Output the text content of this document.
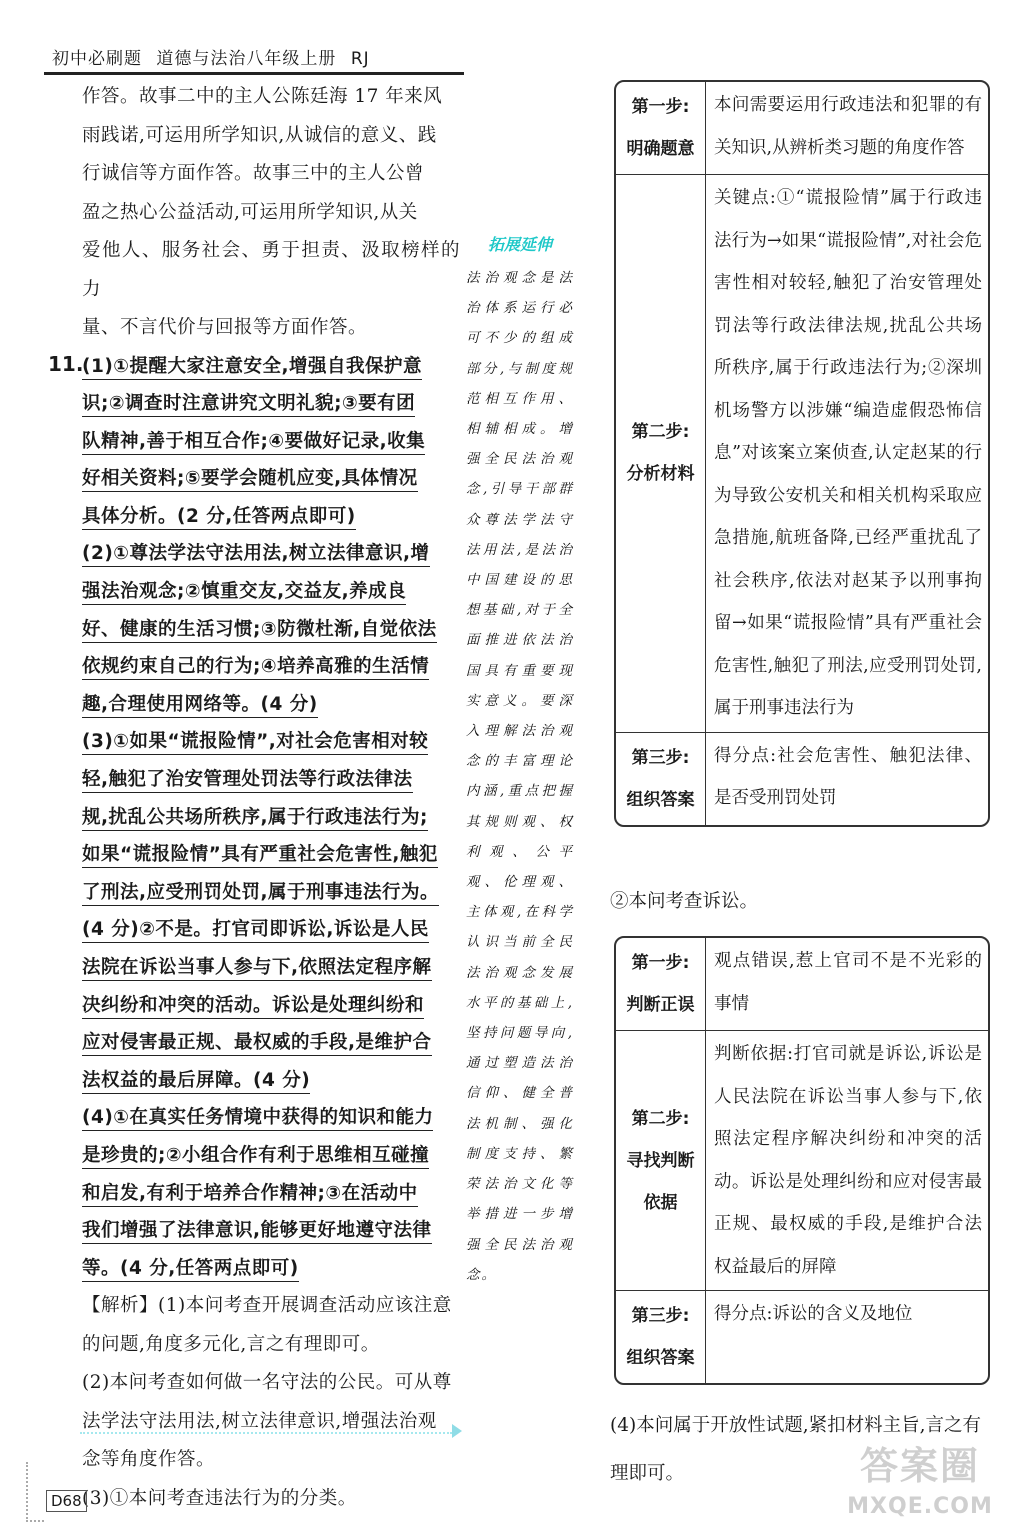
初中必刷题 道德与法治八年级上册 RJ
作答。故事二中的主人公陈廷海 17 年来风
雨践诺,可运用所学知识,从诚信的意义、践
行诚信等方面作答。故事三中的主人公曾
盈之热心公益活动,可运用所学知识,从关
爱他人、服务社会、勇于担责、汲取榜样的力
量、不言代价与回报等方面作答。
11.
(1)①提醒大家注意安全,增强自我保护意
识;②调查时注意讲究文明礼貌;③要有团
队精神,善于相互合作;④要做好记录,收集
好相关资料;⑤要学会随机应变,具体情况
具体分析。(2 分,任答两点即可)
(2)①尊法学法守法用法,树立法律意识,增
强法治观念;②慎重交友,交益友,养成良
好、健康的生活习惯;③防微杜渐,自觉依法
依规约束自己的行为;④培养高雅的生活情
趣,合理使用网络等。(4 分)
(3)①如果“谎报险情”,对社会危害相对较
轻,触犯了治安管理处罚法等行政法律法
规,扰乱公共场所秩序,属于行政违法行为;
如果“谎报险情”具有严重社会危害性,触犯
了刑法,应受刑罚处罚,属于刑事违法行为。
(4 分)②不是。打官司即诉讼,诉讼是人民
法院在诉讼当事人参与下,依照法定程序解
决纠纷和冲突的活动。诉讼是处理纠纷和
应对侵害最正规、最权威的手段,是维护合
法权益的最后屏障。(4 分)
(4)①在真实任务情境中获得的知识和能力
是珍贵的;②小组合作有利于思维相互碰撞
和启发,有利于培养合作精神;③在活动中
我们增强了法律意识,能够更好地遵守法律
等。(4 分,任答两点即可)
【解析】(1)本问考查开展调查活动应该注意
的问题,角度多元化,言之有理即可。
(2)本问考查如何做一名守法的公民。可从尊
法学法守法用法,树立法律意识,增强法治观
念等角度作答。
(3)①本问考查违法行为的分类。
拓展延伸
法治观念是法治体系运行必可不少的组成部分,与制度规范相互作用、相辅相成。增强全民法治观念,引导干部群众尊法学法守法用法,是法治中国建设的思想基础,对于全面推进依法治国具有重要现实意义。要深入理解法治观念的丰富理论内涵,重点把握其规则观、权利观、公平观、伦理观、主体观,在科学认识当前全民法治观念发展水平的基础上,坚持问题导向,通过塑造法治信仰、健全普法机制、强化制度支持、繁荣法治文化等举措进一步增强全民法治观念。
D68
第一步:
明确题意
本问需要运用行政违法和犯罪的有关知识,从辨析类习题的角度作答
第二步:
分析材料
关键点:①“谎报险情”属于行政违法行为→如果“谎报险情”,对社会危害性相对较轻,触犯了治安管理处罚法等行政法律法规,扰乱公共场所秩序,属于行政违法行为;②深圳机场警方以涉嫌“编造虚假恐怖信息”对该案立案侦查,认定赵某的行为导致公安机关和相关机构采取应急措施,航班备降,已经严重扰乱了社会秩序,依法对赵某予以刑事拘留→如果“谎报险情”具有严重社会危害性,触犯了刑法,应受刑罚处罚,属于刑事违法行为
第三步:
组织答案
得分点:社会危害性、触犯法律、是否受刑罚处罚
②本问考查诉讼。
第一步:
判断正误
观点错误,惹上官司不是不光彩的事情
第二步:
寻找判断
依据
判断依据:打官司就是诉讼,诉讼是人民法院在诉讼当事人参与下,依照法定程序解决纠纷和冲突的活动。诉讼是处理纠纷和应对侵害最正规、最权威的手段,是维护合法权益最后的屏障
第三步:
组织答案
得分点:诉讼的含义及地位
(4)本问属于开放性试题,紧扣材料主旨,言之有理即可。	答案圈
MXQE.COM
